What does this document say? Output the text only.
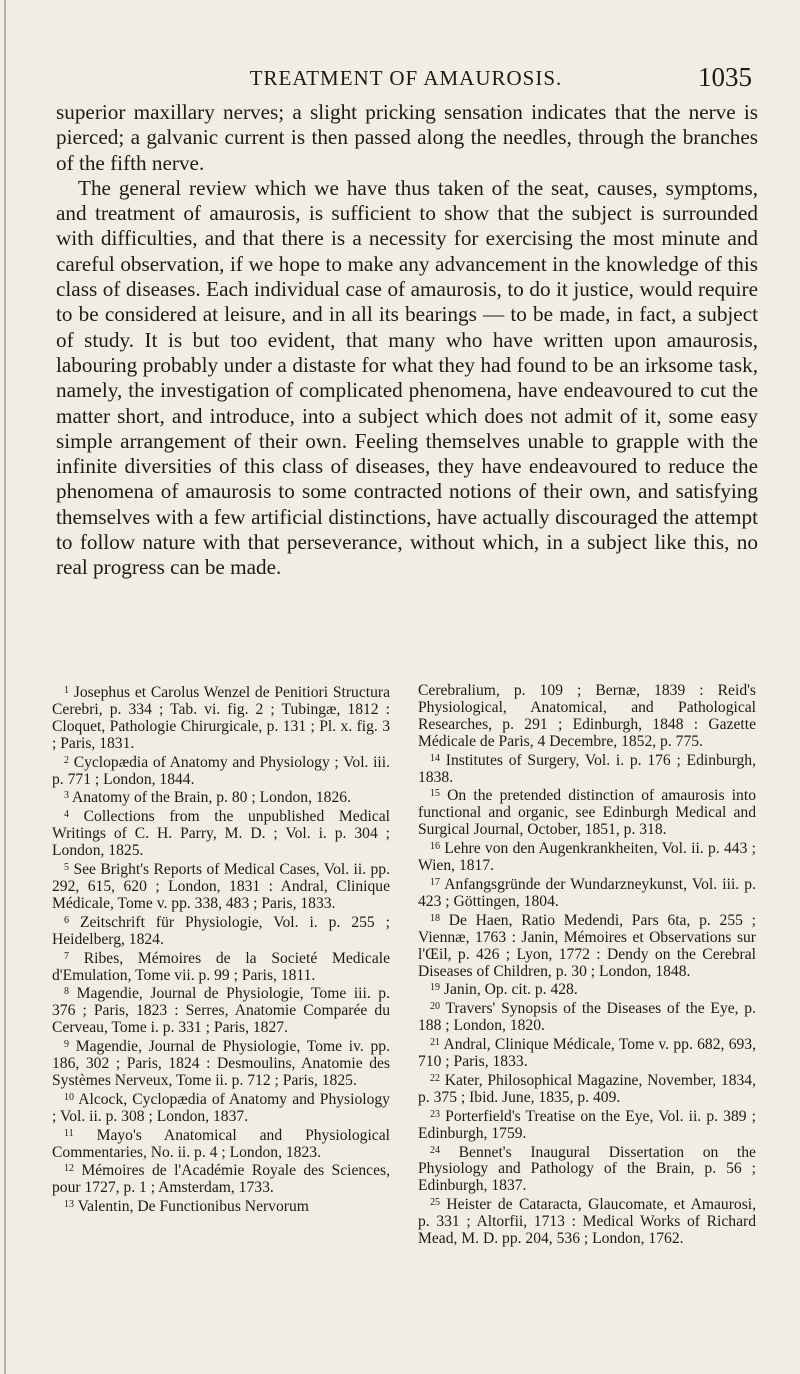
TREATMENT OF AMAUROSIS.	1035

superior maxillary nerves; a slight pricking sensation indicates that the nerve is pierced; a galvanic current is then passed along the needles, through the branches of the fifth nerve.

The general review which we have thus taken of the seat, causes, symptoms, and treatment of amaurosis, is sufficient to show that the subject is surrounded with difficulties, and that there is a necessity for exercising the most minute and careful observation, if we hope to make any advancement in the knowledge of this class of diseases. Each individual case of amaurosis, to do it justice, would require to be considered at leisure, and in all its bearings — to be made, in fact, a subject of study. It is but too evident, that many who have written upon amaurosis, labouring probably under a distaste for what they had found to be an irksome task, namely, the investigation of complicated phenomena, have endeavoured to cut the matter short, and introduce, into a subject which does not admit of it, some easy simple arrangement of their own. Feeling themselves unable to grapple with the infinite diversities of this class of diseases, they have endeavoured to reduce the phenomena of amaurosis to some contracted notions of their own, and satisfying themselves with a few artificial distinctions, have actually discouraged the attempt to follow nature with that perseverance, without which, in a subject like this, no real progress can be made.

$^1$ Josephus et Carolus Wenzel de Penitiori Structura Cerebri, p. 334 ; Tab. vi. fig. 2 ; Tubingæ, 1812 : Cloquet, Pathologie Chirurgicale, p. 131 ; Pl. x. fig. 3 ; Paris, 1831.

$^2$ Cyclopædia of Anatomy and Physiology ; Vol. iii. p. 771 ; London, 1844.

$^3$ Anatomy of the Brain, p. 80 ; London, 1826.

$^4$ Collections from the unpublished Medical Writings of C. H. Parry, M. D. ; Vol. i. p. 304 ; London, 1825.

$^5$ See Bright's Reports of Medical Cases, Vol. ii. pp. 292, 615, 620 ; London, 1831 : Andral, Clinique Médicale, Tome v. pp. 338, 483 ; Paris, 1833.

$^6$ Zeitschrift für Physiologie, Vol. i. p. 255 ; Heidelberg, 1824.

$^7$ Ribes, Mémoires de la Societé Medicale d'Emulation, Tome vii. p. 99 ; Paris, 1811.

$^8$ Magendie, Journal de Physiologie, Tome iii. p. 376 ; Paris, 1823 : Serres, Anatomie Comparée du Cerveau, Tome i. p. 331 ; Paris, 1827.

$^9$ Magendie, Journal de Physiologie, Tome iv. pp. 186, 302 ; Paris, 1824 : Desmoulins, Anatomie des Systèmes Nerveux, Tome ii. p. 712 ; Paris, 1825.

$^{10}$ Alcock, Cyclopædia of Anatomy and Physiology ; Vol. ii. p. 308 ; London, 1837.

$^{11}$ Mayo's Anatomical and Physiological Commentaries, No. ii. p. 4 ; London, 1823.

$^{12}$ Mémoires de l'Académie Royale des Sciences, pour 1727, p. 1 ; Amsterdam, 1733.

$^{13}$ Valentin, De Functionibus Nervorum

Cerebralium, p. 109 ; Bernæ, 1839 : Reid's Physiological, Anatomical, and Pathological Researches, p. 291 ; Edinburgh, 1848 : Gazette Médicale de Paris, 4 Decembre, 1852, p. 775.

$^{14}$ Institutes of Surgery, Vol. i. p. 176 ; Edinburgh, 1838.

$^{15}$ On the pretended distinction of amaurosis into functional and organic, see Edinburgh Medical and Surgical Journal, October, 1851, p. 318.

$^{16}$ Lehre von den Augenkrankheiten, Vol. ii. p. 443 ; Wien, 1817.

$^{17}$ Anfangsgründe der Wundarzneykunst, Vol. iii. p. 423 ; Göttingen, 1804.

$^{18}$ De Haen, Ratio Medendi, Pars 6ta, p. 255 ; Viennæ, 1763 : Janin, Mémoires et Observations sur l'Œil, p. 426 ; Lyon, 1772 : Dendy on the Cerebral Diseases of Children, p. 30 ; London, 1848.

$^{19}$ Janin, Op. cit. p. 428.

$^{20}$ Travers' Synopsis of the Diseases of the Eye, p. 188 ; London, 1820.

$^{21}$ Andral, Clinique Médicale, Tome v. pp. 682, 693, 710 ; Paris, 1833.

$^{22}$ Kater, Philosophical Magazine, November, 1834, p. 375 ; Ibid. June, 1835, p. 409.

$^{23}$ Porterfield's Treatise on the Eye, Vol. ii. p. 389 ; Edinburgh, 1759.

$^{24}$ Bennet's Inaugural Dissertation on the Physiology and Pathology of the Brain, p. 56 ; Edinburgh, 1837.

$^{25}$ Heister de Cataracta, Glaucomate, et Amaurosi, p. 331 ; Altorfii, 1713 : Medical Works of Richard Mead, M. D. pp. 204, 536 ; London, 1762.
